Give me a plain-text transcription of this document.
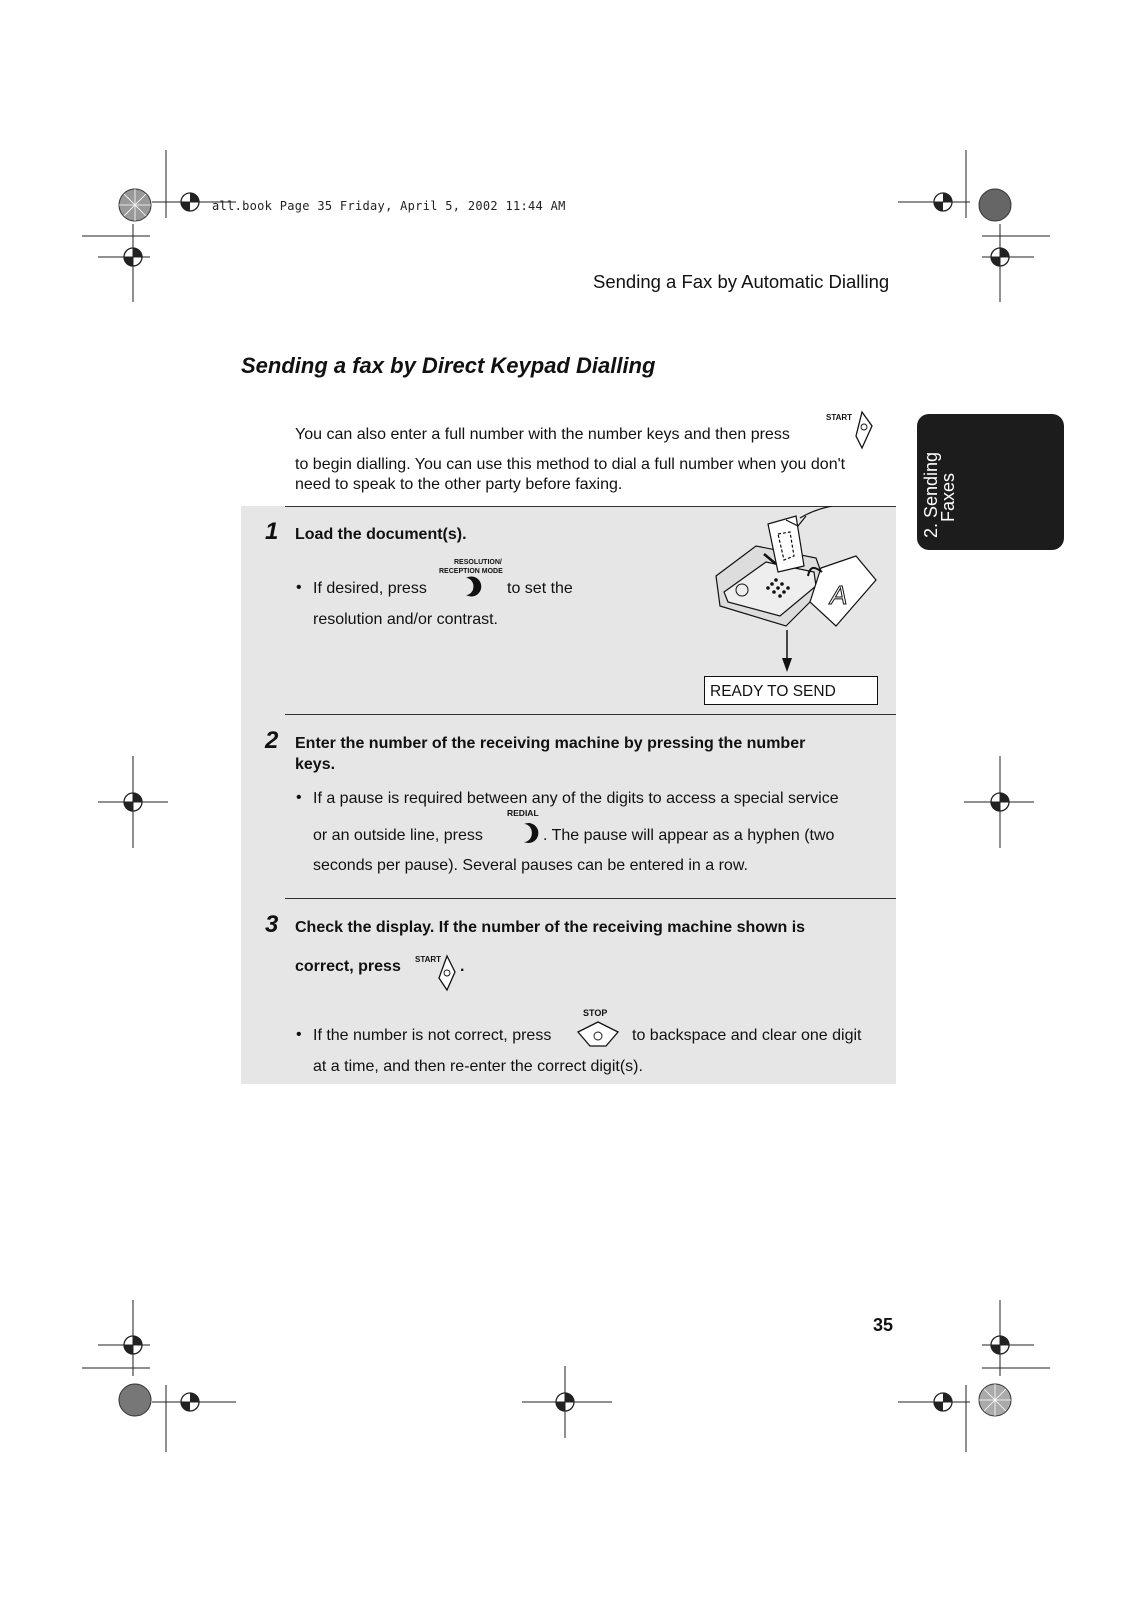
all.book Page 35 Friday, April 5, 2002 11:44 AM
Sending a Fax by Automatic Dialling
Sending a fax by Direct Keypad Dialling
You can also enter a full number with the number keys and then press
START
to begin dialling. You can use this method to dial a full number when you don't
need to speak to the other party before faxing.	2. Sending
Faxes
1 Load the document(s).
• If desired, press
RESOLUTION/
RECEPTION MODE
to set the
resolution and/or contrast.
A
READY TO SEND
2 Enter the number of the receiving machine by pressing the number
keys.
• If a pause is required between any of the digits to access a special service
or an outside line, press
REDIAL
. The pause will appear as a hyphen (two
seconds per pause). Several pauses can be entered in a row.
3 Check the display. If the number of the receiving machine shown is
correct, press START .
• If the number is not correct, press
STOP
to backspace and clear one digit
at a time, and then re-enter the correct digit(s).
35
